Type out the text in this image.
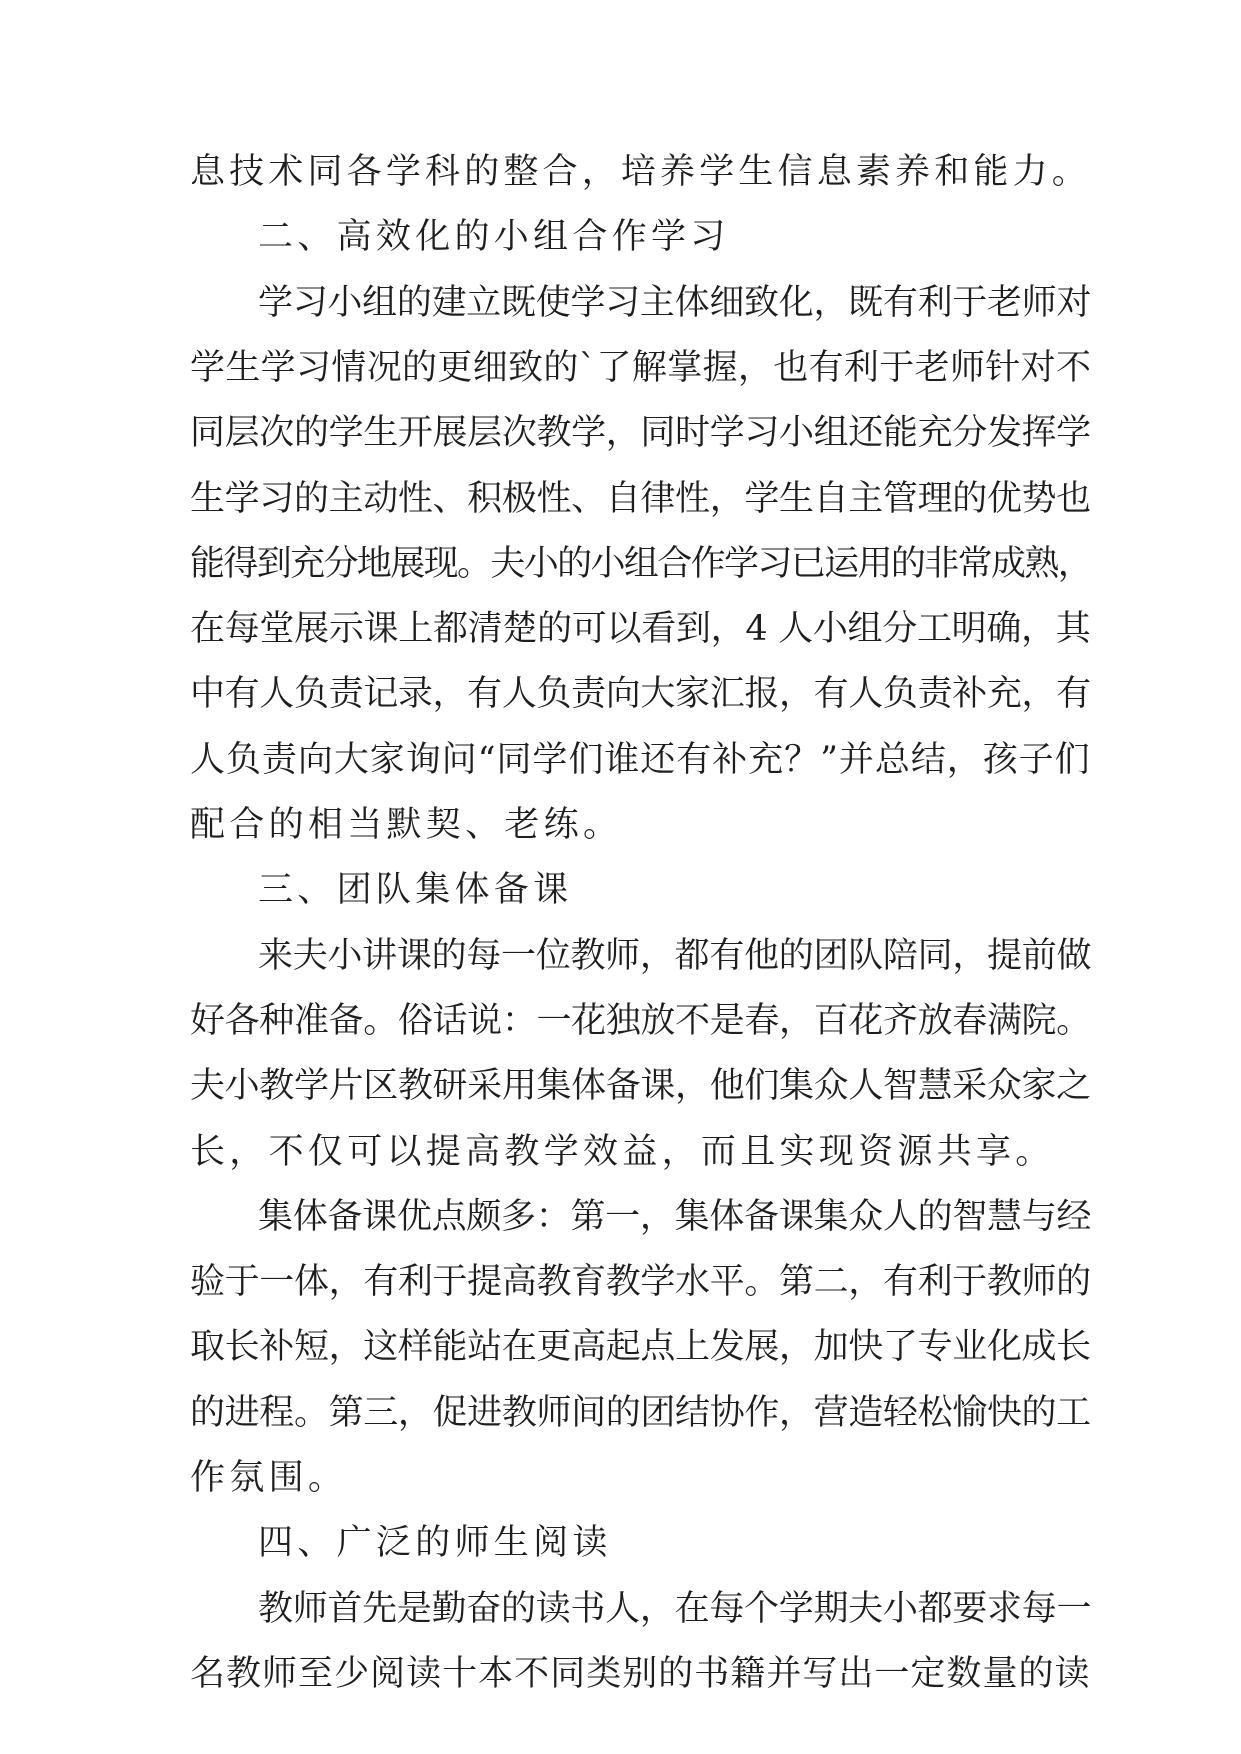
息技术同各学科的整合，培养学生信息素养和能力。
二、高效化的小组合作学习
学习小组的建立既使学习主体细致化，既有利于老师对
学生学习情况的更细致的`了解掌握，也有利于老师针对不
同层次的学生开展层次教学，同时学习小组还能充分发挥学
生学习的主动性、积极性、自律性，学生自主管理的优势也
能得到充分地展现。夫小的小组合作学习已运用的非常成熟，
在每堂展示课上都清楚的可以看到，4 人小组分工明确，其
中有人负责记录，有人负责向大家汇报，有人负责补充，有
人负责向大家询问“同学们谁还有补充？”并总结，孩子们
配合的相当默契、老练。
三、团队集体备课
来夫小讲课的每一位教师，都有他的团队陪同，提前做
好各种准备。俗话说：一花独放不是春，百花齐放春满院。
夫小教学片区教研采用集体备课，他们集众人智慧采众家之
长，不仅可以提高教学效益，而且实现资源共享。
集体备课优点颇多：第一，集体备课集众人的智慧与经
验于一体，有利于提高教育教学水平。第二，有利于教师的
取长补短，这样能站在更高起点上发展，加快了专业化成长
的进程。第三，促进教师间的团结协作，营造轻松愉快的工
作氛围。
四、广泛的师生阅读
教师首先是勤奋的读书人，在每个学期夫小都要求每一
名教师至少阅读十本不同类别的书籍并写出一定数量的读
